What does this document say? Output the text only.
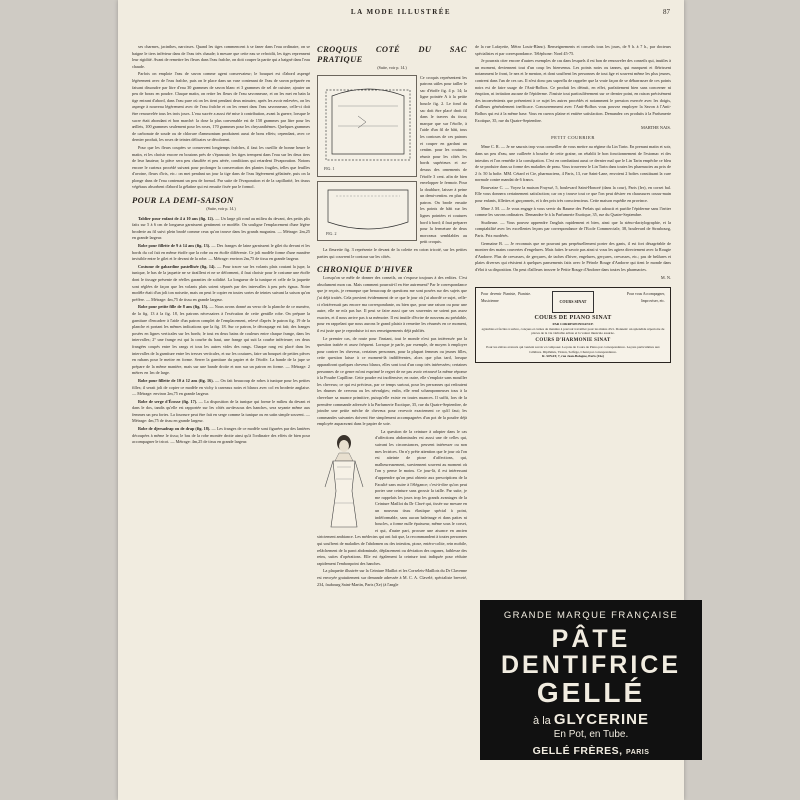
LA MODE ILLUSTRÉE	87

ses charmes, jacinthes, narcisses. Quand les tiges commencent à se faner dans l'eau ordinaire, on se baigne le tiers inférieur dans de l'eau très chaude; à mesure que cette eau se refroidit, les tiges reprennent leur rigidité. Avant de remettre les fleurs dans l'eau fraîche, on doit couper la partie qui a baigné dans l'eau chaude.

Parfois on emploie l'eau de savon comme agent conservateur; le bouquet est d'abord aspergé légèrement avec de l'eau fraîche, puis on le place dans un vase contenant de l'eau de savon préparée en faisant dissoudre par litre d'eau 30 grammes de savon blanc et 3 grammes de sel de cuisine; ajouter un peu de borax en poudre. Chaque matin, on retire les fleurs de l'eau savonneuse, et on les met en bain la tige entrant d'abord, dans l'eau pure où on les tient pendant deux minutes; après les avoir enlevées, on les asperge à nouveau légèrement avec de l'eau fraîche et on les remet dans l'eau savonneuse, celle-ci doit être renouvelée tous les trois jours. L'eau sucrée a aussi été mise à contribution, avant la guerre, lorsque le sucre était abondant et bon marché: la dose la plus convenable est de 150 grammes par litre pour les œillets, 100 grammes seulement pour les roses, 170 grammes pour les chrysanthèmes. Quelques grammes de carbonate de soude ou de chlorure d'ammonium produisent aussi de bons effets; cependant, avec ce dernier produit, les roses de teintes délicates se décolorent.

Pour que les fleurs coupées se conservent longtemps fraîches, il faut les cueillir de bonne heure le matin, et les choisir encore en boutons près de s'épanouir; les tiges trempent dans l'eau sur les deux tiers de leur hauteur; la pièce sera peu chauffée et peu aérée, conditions qui retardent l'évaporation. Notons encore le curieux procédé suivant pour prolonger la conservation des plantes fragiles, telles que feuilles d'avoine, fleurs d'iris, etc.: on met pendant un jour la tige dans de l'eau légèrement gélatinée, puis on la plonge dans de l'eau contenant un peu de formol. Par suite de l'évaporation et de la capillarité, les tissus végétaux absorbent d'abord la gélatine qui est ensuite fixée par le formol.

POUR LA DEMI-SAISON
(Suite, voir p. 14.)

Tablier pour enfant de 4 à 10 ans (fig. 12). — Un large pli rond au milieu du devant, des petits plis faits sur 5 à 6 cm de longueur garnissent gentiment ce modèle. On souligne l'emplacement d'une légère broderie au fil suivi plein brodé comme ceux qu'on trouve dans les grands magasins. — Métrage: 2m,25 en grande largeur.

Robe pour fillette de 9 à 14 ans (fig. 13). — Des franges de laine garnissent le gilet du devant et les bords du col fait en même étoffe que la robe ou en étoffe différente. Ce joli modèle forme d'une manière invisible entre le gilet et le devant de la robe. — Métrage: environ 2m,75 de tissu en grande largeur.

Costume de gabardine pastellisée (fig. 14). — Pour tracer sur les volants plats coutant la jupe, la tunique, le bas de la jaquette ne se tiraillent et ne se déforment, il faut choisir pour le costume une étoffe dont le tissage présente de réelles garanties de solidité. La longueur de la tunique et celle de la jaquette sont réglées de façon que les volants plats soient séparés par des intervalles à peu près égaux. Notre modèle était d'un joli ton noisette, mais on peut le copier en toutes sortes de teintes suivant la saison qu'on préfère. — Métrage: 4m,75 de tissu en grande largeur.

Robe pour petite fille de 8 ans (fig. 15). — Nous avons donné au verso de la planche de ce numéro, de la fig. 13 à la fig. 18, les patrons nécessaires à l'exécution de cette gentille robe. On prépare la garniture d'encadrer à l'aide d'un patron complet de l'emplacement, relevé d'après le patron fig. 19 de la planche et portant les mêmes indications que la fig. 18. Sur ce patron, le découpage est fait; des franges posées en lignes verticales sur les bords; le tout en deux bains de couleurs entre chaque frange, dans les intervalles; 2° une frange est qui la courbe du haut, une frange qui suit la courbe inférieure; ces deux frangées coupés entre les rangs et tous les autres vides des rangs. Chaque rang est placé dans les intervalles de la garniture entre les tresses verticales, et sur les coutures, faire un bouquet de petites pièces en rubans pour le mettre en forme. Serrer la garniture du papier et de l'étoffe. La bande de la jupe se prépare de la même manière, mais sur une bande droite et non sur un patron en forme. — Métrage: 2 mètres en 1m de large.

Robe pour fillette de 10 à 12 ans (fig. 16). — On fait beaucoup de robes à tunique pour les petites filles; il serait joli de copier ce modèle en vichy à carreaux noirs et blancs avec col en broderie anglaise. — Métrage: environ 2m,75 en grande largeur.

Robe de serge d'Écosse (fig. 17). — La disposition de la tunique qui forme le milieu du devant et dans le dos, tandis qu'elle est rapportée sur les côtés au-dessous des hanches, sera seyante même aux femmes un peu fortes. La fourrure peut être fait en serge comme la tunique ou en satin simple souvent. — Métrage: 4m,75 de tissu en grande largeur.

Robe de djersadrap ou de drap (fig. 18). — Les franges de ce modèle sont figurées par des lanières découpées à même le tissu; le bas de la robe montée droite ainsi qu'à l'ordinaire des effets de bien pour accompagner le tricot. — Métrage: 4m,25 de tissu en grande largeur.

CROQUIS COTÉ DU SAC PRATIQUE
(Suite, voir p. 14.)
FIG. 1
FIG. 2

Ce croquis représentent les patrons utiles pour tailler le sac d'étoffe fig. 4 p. 14; la ligne pointée A à la petite boucle fig. 2. Le fond du sac doit être placé droit fil dans le travers du tissu; marque que sur l'étoffe, à l'aide d'un fil de bâti, tous les contours de ces patrons et couper en gardant un centim. pour les coutures; réunir pour les côtés les bords supérieurs et au-dessus des ornements de l'étoffe 3 cent. afin de bien envelopper le fermoir. Pour la doublure, laisser à peine un demi-centim. en plus du patron. On brode ensuite les points de bâti sur les lignes pointées et coutures bord à bord; il faut préparer pour la fermeture de deux morceaux semblables au petit croquis.

La fleurette fig. 3 représente le devant de la colette en coton tricoté, sur les petites parties qui couvrent le contour sur les côtés.

CHRONIQUE D'HIVER

Lorsqu'on se mêle de donner des conseils, on s'expose toujours à des redites. C'est absolument mon cas. Mais comment pourrait-il en être autrement? Par le correspondance que je reçois, je remarque que beaucoup de questions me sont posées sur des sujets que j'ai déjà traités. Cela provient évidemment de ce que le jour où j'ai abordé ce sujet, celle-ci n'intéressait pas encore ma correspondante, ou bien que, pour une raison ou pour une autre, elle ne m'a pas lue. Il peut se faire aussi que ses souvenirs ne soient pas assez exactes, et il nous arrive pas à sa mémoire. Il est inutile d'écrire de nouveau au préalable, pour en rappelant que nous aurons le grand plaisir à remettre les résumés en ce moment, il est juste que je reproduise ici nos renseignements déjà publiés.

Le premier cas, de route pour l'instant, tout le monde n'est pas intéressée par la question traitée et assez fréquent. Lorsque je parle, par exemple, de moyen à employer pour contrer les cheveux, certaines personnes, pour la plupart femmes ou jeunes filles, cette question laisse à ce moment-là indifférentes, alors que plus tard, lorsque apparaîtront quelques cheveux blancs, elles sont tout d'un coup très intéressées; certaines personnes de ce genre m'ont exprimé le regret de ne pas avoir retrouvé la même réponse à la Poudre Capilline. Cette poudre est inoffensive; en outre, elle s'emploie sans mouiller les cheveux; ce qui est précieux, par ce temps surtout, pour les personnes qui redoutent les rhumes de cerveau ou les névralgies; enfin, elle rend schamponneuses tous à la chevelure sa nuance primitive, puisqu'elle existe en toutes nuances. Il suffit, lors de la première commande adressée à la Parfumerie Exotique, 35, rue du Quatre-Septembre, de joindre une petite mèche de cheveux pour recevoir exactement ce qu'il faut; les commandes suivantes doivent être simplement accompagnées d'un pot de la poudre déjà employée auparavant dans le papier de soie.

La question de la ceinture à adopter dans le cas d'affections abdominales est aussi une de celles qui, suivant les circonstances, peuvent intéresser ou non mes lectrices. On n'y prête attention que le jour où l'on est atteinte de ptose d'affections, qui, malheureusement, surviennent souvent au moment où l'on y pense le moins. Ce jour-là, il est intéressant d'apprendre qu'on peut obtenir aux prescriptions de la Faculté sans nuire à l'élégance; c'est-à-dire qu'on peut porter une ceinture sans grossir la taille. Par suite, je me rappelais les jours trop les grands avantages de la Ceinture Maillot du Dr Clavé qui, tissée sur mesure en un nouveau tissu élastique spécial à point, indéformable, sans aucun baleinage et dans pattes ni boucles, a forme nulle épaisseur, même sous le corset, et qui, d'autre part, procure une aisance en ancien strictement ambiance. Les médecins qui ont fait que, la recommandent à toutes personnes qui souffrent de maladies de l'abdomen ou des intestins, ptose, entéro-colite, rein mobile, relâchement de la paroi abdominale, déplacement ou déviation des organes, faiblesse des reins, suites d'opérations. Elle est également la ceinture tout indiquée pour réduire rapidement l'embonpoint des hanches.

La plaquette illustrée sur la Ceinture Maillot et les Corselets-Maillots du Dr Clavenne est envoyée gratuitement sur demande adressée à M. C. A. Clavelé, spécialiste breveté, 234, faubourg Saint-Martin, Paris (Xe) (à l'angle

de la rue Lafayette, Métro Louis-Blanc). Renseignements et conseils tous les jours, de 9 h. à 7 h., par docteurs spécialistes et par correspondance. Téléphone: Nord 45-75.

Je pourrais citer encore d'autres exemples de cas dans lesquels il est bon de renouveler des conseils qui, inutiles à un moment, deviennent tout d'un coup les bienvenus. Les points noirs ou tannes, qui marquent et flétrissent notamment le front, le nez et le menton, et dont souffrent les personnes de tout âge et souvent même les plus jeunes, contrent dans l'un de ces cas. Il n'est donc pas superflu de rappeler que la vraie façon de se débarrasser de ces points noirs est de faire usage de l'Anti-Bolbos. Ce produit les détruit, en effet, parfaitement bien sans concerner ni éruption, ni irritation aucune de l'épiderme. J'insiste tout particulièrement sur ce dernier point, en raison précisément des inconvénients que présentent à ce sujet les autres procédés et notamment le pression exercée avec les doigts, d'ailleurs généralement inefficace. Concurremment avec l'Anti-Bolbos vous pouvez employer la Savon à l'Anti-Bolbos qui est à la même base. Vous en cueros plaine et entière satisfaction. Demandez ces produits à la Parfumerie Exotique, 35, rue du Quatre-Septembre.

MARTHE NAIS.
PETIT COURRIER

Mme C. R. — Je ne saurais trop vous conseiller de vous mettre au régime du Lin Tarin. En prenant matin et soir, dans un peu d'eau, une cuillerée à bouche de cette graine, on rétablit le bon fonctionnement de l'estomac et des intestins et l'on remédie à la constipation. C'est en combattant aussi ce dernier mal que le Lin Tarin empêche ce bleu de se produire dans sa forme des maladies de peau. Vous trouverez le Lin Tarin dans toutes les pharmacies au prix de 2 fr. 50 la boîte. MM. Cétard et Cie, pharmaciens, 4 Paris, 13, rue Saint-Lane, envoient 2 boîtes constituant la cure normale contre mandat de 6 francs.

Bourvaize C. — Voyez la maison Frayssé, 5, boulevard Saint-Honoré (dans la cour), Paris (Ier), en corset bal. Elle vous donnera certainement satisfaction; car on y trouve tout ce que l'on peut désirer en chaussures cousu-main pour enfants, fillettes et garçonnets, et à des prix très consciencieux. Cette maison expédie en province.

Mme J. M. — Je vous engage à vous servir du Baume des Prelats qui adoucit et purifie l'épiderme sans l'irriter comme les savons ordinaires. Demandez-le à la Parfumerie Exotique, 35, rue du Quatre-Septembre.

Studieuse. — Vous pouvez apprendre l'anglais rapidement et bien, ainsi que la sténo-dactylographie, et la comptabilité avec les excellentes leçons par correspondance de l'Ecole Commerciale, 38, boulevard de Strasbourg, Paris. Prix modérés.

Germaine B. — Je reconnais que ne pouvant pas perpétuellement porter des gants, il est fort désagréable de montrer des mains couvertes d'engelures. Mais faites le savoir pas ainsi si vous les agirez directement avec la Rougie d'Andorre. Plus de crevasses, de gerçures, de taches d'hiver, engelures, gerçures, crevasses, etc.; pas de brûlures et plaies diverses qui résistent à quelques pansements faits avec le Pétrole Rouge d'Andorre qui tient le monde dans d'éloi à sa disposition. On peut d'ailleurs trouver le Petite Rouge d'Andorre dans toutes les pharmacies.

M. N.
Pour devenir Pianiste, Pianiste. Musicienne	COURS SINAT
Pour vous Accompagner, Improviser, etc.
COURS DE PIANO SINAT
PAR CORRESPONDANCE
agréables et faciles à suivre, conçues et créées de manière à pouvoir travailler pour les mains d'ici. Donnent: un splendide répertoire de pièces de la vie véritable artiste et la valeur musicale assurée.
COURS D'HARMONIE SINAT
Pour les élèves avancés qui veulent savoir et composer. Leçons de Cours de Piano par correspondance. Leçons particulières aux Célèbres. Diplômés, Violon, Solfège, Chant par correspondance.
R. SINAT, 7, rue Jean-Bologne, Paris (16e)
GRANDE MARQUE FRANÇAISE
PÂTE
DENTIFRICE
GELLÉ
à la GLYCERINE
En Pot, en Tube.
GELLÉ FRÈRES, PARIS
